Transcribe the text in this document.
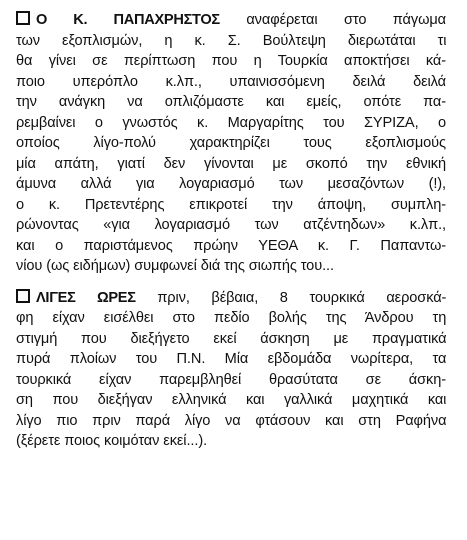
Ο Κ. ΠΑΠΑΧΡΗΣΤΟΣ αναφέρεται στο πάγωμα
των εξοπλισμών, η κ. Σ. Βούλτεψη διερωτάται τι
θα γίνει σε περίπτωση που η Τουρκία αποκτήσει κά-
ποιο υπερόπλο κ.λπ., υπαινισσόμενη δειλά δειλά
την ανάγκη να οπλιζόμαστε και εμείς, οπότε πα-
ρεμβαίνει ο γνωστός κ. Μαργαρίτης του ΣΥΡΙΖΑ, ο
οποίος λίγο-πολύ χαρακτηρίζει τους εξοπλισμούς
μία απάτη, γιατί δεν γίνονται με σκοπό την εθνική
άμυνα αλλά για λογαριασμό των μεσαζόντων (!),
ο κ. Πρετεντέρης επικροτεί την άποψη, συμπλη-
ρώνοντας «για λογαριασμό των ατζέντηδων» κ.λπ.,
και ο παριστάμενος πρώην ΥΕΘΑ κ. Γ. Παπαντω-
νίου (ως ειδήμων) συμφωνεί διά της σιωπής του...

ΛΙΓΕΣ ΩΡΕΣ πριν, βέβαια, 8 τουρκικά αεροσκά-
φη είχαν εισέλθει στο πεδίο βολής της Άνδρου τη
στιγμή που διεξήγετο εκεί άσκηση με πραγματικά
πυρά πλοίων του Π.Ν. Μία εβδομάδα νωρίτερα, τα
τουρκικά είχαν παρεμβληθεί θρασύτατα σε άσκη-
ση που διεξήγαν ελληνικά και γαλλικά μαχητικά και
λίγο πιο πριν παρά λίγο να φτάσουν και στη Ραφήνα
(ξέρετε ποιος κοιμόταν εκεί...).
